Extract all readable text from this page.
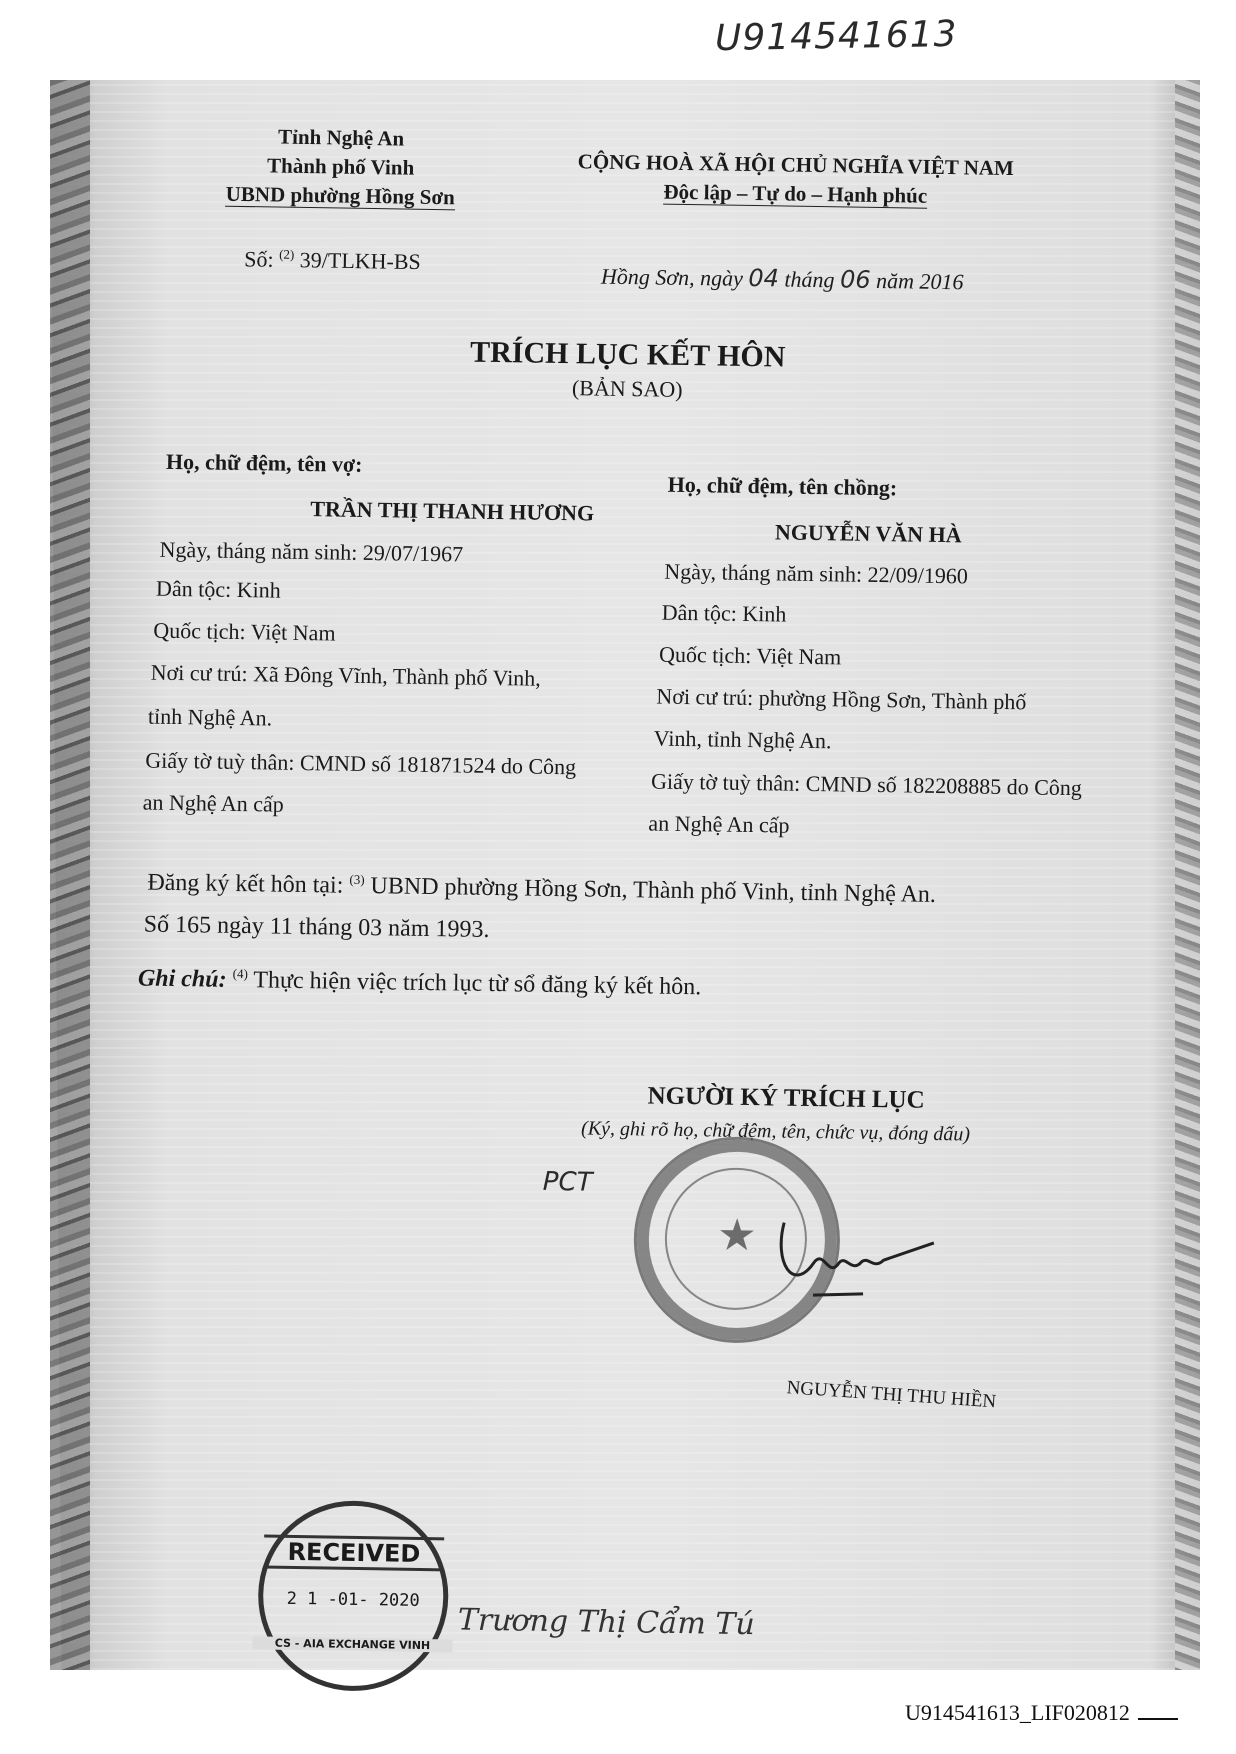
U914541613
Tỉnh Nghệ An
Thành phố Vinh
UBND phường Hồng Sơn
CỘNG HOÀ XÃ HỘI CHỦ NGHĨA VIỆT NAM
Độc lập – Tự do – Hạnh phúc
Số: $^{(2)}$ 39/TLKH-BS
Hồng Sơn, ngày 04 tháng 06 năm 2016
TRÍCH LỤC KẾT HÔN
(BẢN SAO)
Họ, chữ đệm, tên vợ:
TRẦN THỊ THANH HƯƠNG
Ngày, tháng năm sinh: 29/07/1967
Dân tộc: Kinh
Quốc tịch: Việt Nam
Nơi cư trú: Xã Đông Vĩnh, Thành phố Vinh,
tỉnh Nghệ An.
Giấy tờ tuỳ thân: CMND số 181871524 do Công
an Nghệ An cấp
Họ, chữ đệm, tên chồng:
NGUYỄN VĂN HÀ
Ngày, tháng năm sinh: 22/09/1960
Dân tộc: Kinh
Quốc tịch: Việt Nam
Nơi cư trú: phường Hồng Sơn, Thành phố
Vinh, tỉnh Nghệ An.
Giấy tờ tuỳ thân: CMND số 182208885 do Công
an Nghệ An cấp
Đăng ký kết hôn tại: $^{(3)}$ UBND phường Hồng Sơn, Thành phố Vinh, tỉnh Nghệ An.
Số 165 ngày 11 tháng 03 năm 1993.
Ghi chú: $^{(4)}$ Thực hiện việc trích lục từ sổ đăng ký kết hôn.
NGƯỜI KÝ TRÍCH LỤC
(Ký, ghi rõ họ, chữ đệm, tên, chức vụ, đóng dấu)
PCT
★
NGUYỄN THỊ THU HIỀN
RECEIVED
2 1 -01- 2020
CS - AIA EXCHANGE VINH
Trương Thị Cẩm Tú
U914541613_LIF020812
